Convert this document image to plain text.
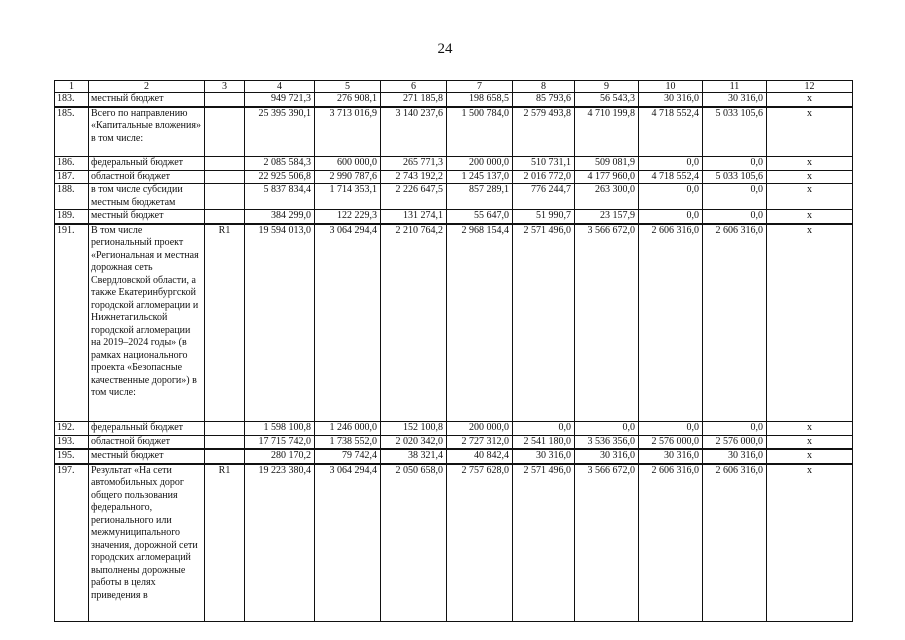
24
1	2	3	4	5	6	7	8	9	10	11	12
183.	местный бюджет		949 721,3	276 908,1	271 185,8	198 658,5	85 793,6	56 543,3	30 316,0	30 316,0	x
185.	Всего по направлению «Капитальные вложения» в том числе:		25 395 390,1	3 713 016,9	3 140 237,6	1 500 784,0	2 579 493,8	4 710 199,8	4 718 552,4	5 033 105,6	x
186.	федеральный бюджет		2 085 584,3	600 000,0	265 771,3	200 000,0	510 731,1	509 081,9	0,0	0,0	x
187.	областной бюджет		22 925 506,8	2 990 787,6	2 743 192,2	1 245 137,0	2 016 772,0	4 177 960,0	4 718 552,4	5 033 105,6	x
188.	в том числе субсидии местным бюджетам		5 837 834,4	1 714 353,1	2 226 647,5	857 289,1	776 244,7	263 300,0	0,0	0,0	x
189.	местный бюджет		384 299,0	122 229,3	131 274,1	55 647,0	51 990,7	23 157,9	0,0	0,0	x
191.	В том числе региональный проект «Региональная и местная дорожная сеть Свердловской области, а также Екатеринбургской городской агломерации и Нижнетагильской городской агломерации на 2019–2024 годы» (в рамках национального проекта «Безопасные качественные дороги») в том числе:	R1	19 594 013,0	3 064 294,4	2 210 764,2	2 968 154,4	2 571 496,0	3 566 672,0	2 606 316,0	2 606 316,0	x
192.	федеральный бюджет		1 598 100,8	1 246 000,0	152 100,8	200 000,0	0,0	0,0	0,0	0,0	x
193.	областной бюджет		17 715 742,0	1 738 552,0	2 020 342,0	2 727 312,0	2 541 180,0	3 536 356,0	2 576 000,0	2 576 000,0	x
195.	местный бюджет		280 170,2	79 742,4	38 321,4	40 842,4	30 316,0	30 316,0	30 316,0	30 316,0	x
197.	Результат «На сети автомобильных дорог общего пользования федерального, регионального или межмуниципального значения, дорожной сети городских агломераций выполнены дорожные работы в целях приведения в	R1	19 223 380,4	3 064 294,4	2 050 658,0	2 757 628,0	2 571 496,0	3 566 672,0	2 606 316,0	2 606 316,0	x
